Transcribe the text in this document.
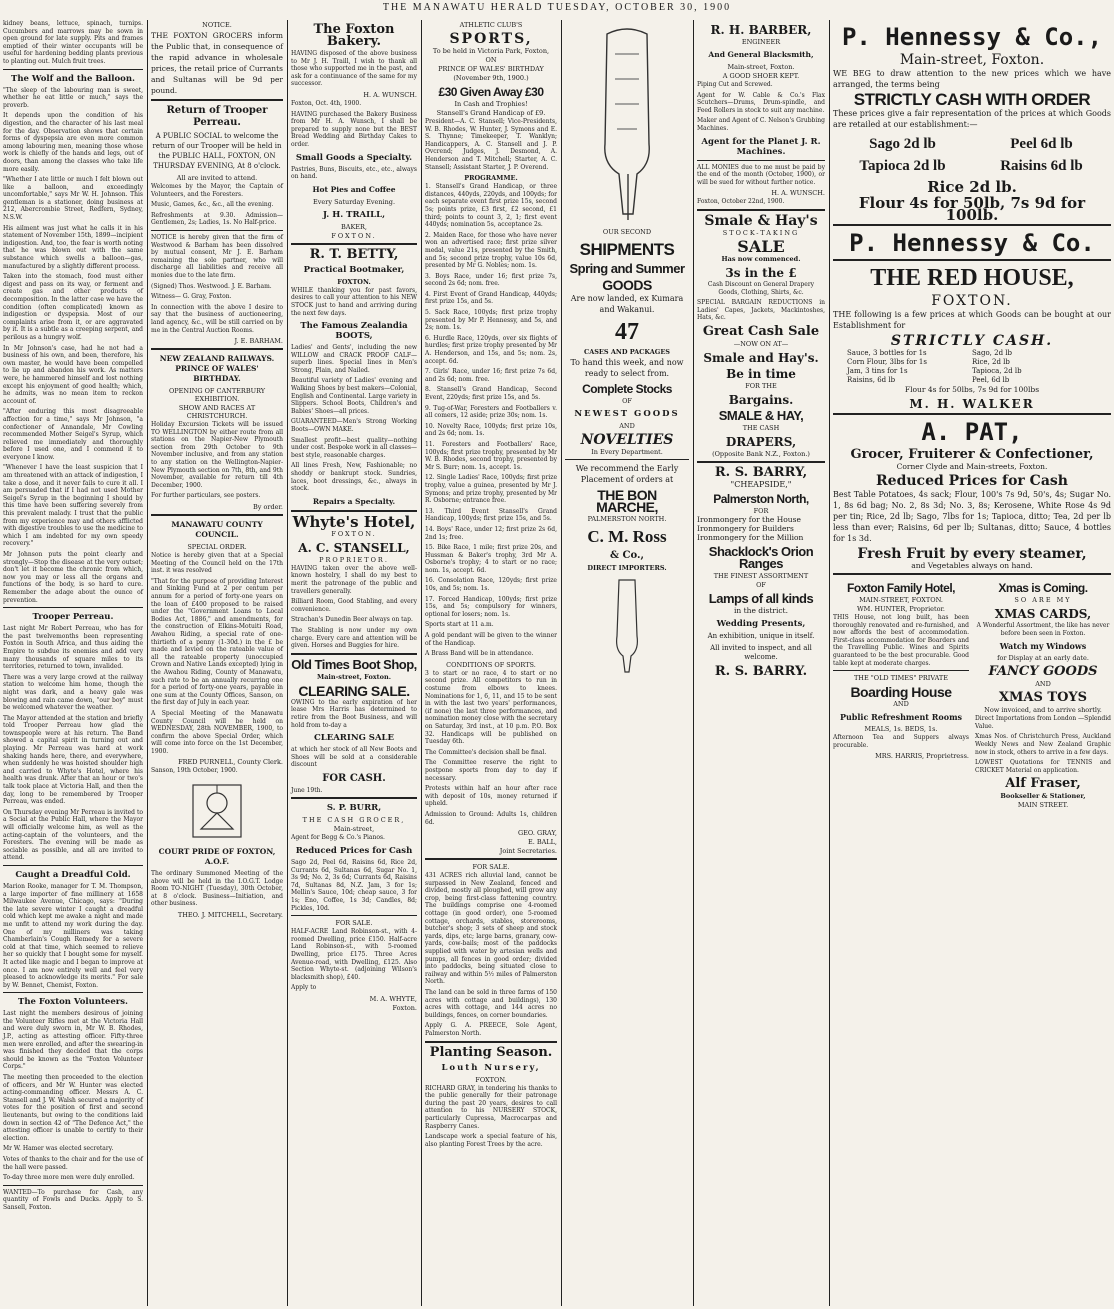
THE MANAWATU HERALD TUESDAY, OCTOBER 30, 1900

kidney beans, lettuce, spinach, turnips. Cucumbers and marrows may be sown in open ground for late supply. Pits and frames emptied of their winter occupants will be useful for hardening bedding plants previous to planting out. Mulch fruit trees.

The Wolf and the Balloon.

"The sleep of the labouring man is sweet, whether he eat little or much," says the proverb.

It depends upon the condition of his digestion, and the character of his last meal for the day. Observation shows that certain forms of dyspepsia are even more common among labouring men, meaning those whose work is chiefly of the hands and legs, out of doors, than among the classes who take life more easily.

"Whether I ate little or much I felt blown out like a balloon, and exceedingly uncomfortable," says Mr W. H. Johnson. This gentleman is a stationer, doing business at 212, Abercrombie Street, Redfern, Sydney, N.S.W.

His ailment was just what he calls it in his statement of November 15th, 1899—incipient indigestion. And, too, the fear is worth noting that he was blown out with the same substance which swells a balloon—gas, manufactured by a slightly different process.

Taken into the stomach, food must either digest and pass on its way, or ferment and create gas and other products of decomposition. In the latter case we have the condition (often complicated) known as indigestion or dyspepsia. Most of our complaints arise from it, or are aggravated by it. It is a subtle as a creeping serpent, and perilous as a hungry wolf.

In Mr Johnson's case, had he not had a business of his own, and been, therefore, his own master, he would have been compelled to lie up and abandon his work. As matters were, he hammered himself and lost nothing except his enjoyment of good health; which, he admits, was no mean item to reckon account of.

"After enduring this most disagreeable affection for a time," says Mr Johnson, "a confectioner of Annandale, Mr Cowling recommended Mother Seigel's Syrup, which relieved me immediately and thoroughly before I used one, and I commend it to everyone I know.

"Whenever I have the least suspicion that I am threatened with an attack of indigestion, I take a dose, and it never fails to cure it all. I am persuaded that if I had not used Mother Seigel's Syrup in the beginning I should by this time have been suffering severely from this prevalent malady. I trust that the public from my experience may and others afflicted with digestive troubles to use the medicine to which I am indebted for my own speedy recovery."

Mr Johnson puts the point clearly and strongly—Stop the disease at the very outset; don't let it become the chronic from which, now you may or less all the organs and functions of the body, is so hard to cure. Remember the adage about the ounce of prevention.

Trooper Perreau.

Last night Mr Robert Perreau, who has for the past twelvemonths been representing Foxton in South Africa, and thus aiding the Empire to subdue its enemies and add very many thousands of square miles to its territories, returned to town, invalided.

There was a very large crowd at the railway station to welcome him home, though the night was dark, and a heavy gale was blowing and rain came down, "our boy" must be welcomed whatever the weather.

The Mayor attended at the station and briefly told Trooper Perreau how glad the townspeople were at his return. The Band showed a capital spirit in turning out and playing. Mr Perreau was hard at work shaking hands here, there, and everywhere, when suddenly he was hoisted shoulder high and carried to Whyte's Hotel, where his health was drunk. After that an hour or two's talk took place at Victoria Hall, and then the day, long to be remembered by Trooper Perreau, was ended.

On Thursday evening Mr Perreau is invited to a Social at the Public Hall, where the Mayor will officially welcome him, as well as the acting-captain of the volunteers, and the Foresters. The evening will be made as sociable as possible, and all are invited to attend.

Caught a Dreadful Cold.

Marion Rooke, manager for T. M. Thompson, a large importer of fine millinery at 1658 Milwaukee Avenue, Chicago, says: "During the late severe winter I caught a dreadful cold which kept me awake a night and made me unfit to attend my work during the day. One of my milliners was taking Chamberlain's Cough Remedy for a severe cold at that time, which seemed to relieve her so quickly that I bought some for myself. It acted like magic and I began to improve at once. I am now entirely well and feel very pleased to acknowledge its merits." For sale by W. Bennet, Chemist, Foxton.

The Foxton Volunteers.

Last night the members desirous of joining the Volunteer Rifles met at the Victoria Hall and were duly sworn in, Mr W. B. Rhodes, J.P., acting as attesting officer. Fifty-three men were enrolled, and after the swearing-in was finished they decided that the corps should be known as the "Foxton Volunteer Corps."

The meeting then proceeded to the election of officers, and Mr W. Hunter was elected acting-commanding officer. Messrs A. C. Stansell and J. W. Walsh secured a majority of votes for the position of first and second lieutenants, but owing to the conditions laid down in section 42 of "The Defence Act," the attesting officer is unable to certify to their election.

Mr W. Hamer was elected secretary.

Votes of thanks to the chair and for the use of the hall were passed.

To-day three more men were duly enrolled.

WANTED—To purchase for Cash, any quantity of Fowls and Ducks. Apply to S. Sansell, Foxton.

NOTICE.

THE FOXTON GROCERS inform the Public that, in consequence of the rapid advance in wholesale prices, the retail price of Currants and Sultanas will be 9d per pound.

Return of Trooper Perreau.

A PUBLIC SOCIAL to welcome the return of our Trooper will be held in the PUBLIC HALL, FOXTON, ON THURSDAY EVENING, At 8 o'clock.

All are invited to attend.

Welcomes by the Mayor, the Captain of Volunteers, and the Foresters.

Music, Games, &c., &c., all the evening.

Refreshments at 9.30. Admission—Gentlemen, 2s; Ladies, 1s. No Half-price.

NOTICE is hereby given that the firm of Westwood & Barham has been dissolved by mutual consent, Mr J. E. Barham remaining the sole partner, who will discharge all liabilities and receive all monies due to the late firm.

(Signed) Thos. Westwood. J. E. Barham.

Witness— G. Gray, Foxton.

In connection with the above I desire to say that the business of auctioneering, land agency, &c., will be still carried on by me in the Central Auction Rooms.

J. E. BARHAM.
NEW ZEALAND RAILWAYS. PRINCE OF WALES' BIRTHDAY.
OPENING OF CANTERBURY EXHIBITION.
SHOW AND RACES AT CHRISTCHURCH.

Holiday Excursion Tickets will be issued TO WELLINGTON by either route from all stations on the Napier-New Plymouth section from 29th October to 9th November inclusive, and from any station to any station on the Wellington-Napier-New Plymouth section on 7th, 8th, and 9th November, available for return till 4th December, 1900.

For further particulars, see posters.

By order.
MANAWATU COUNTY COUNCIL.
SPECIAL ORDER.

Notice is hereby given that at a Special Meeting of the Council held on the 17th inst. it was resolved

"That for the purpose of providing Interest and Sinking Fund at 2 per centum per annum for a period of forty-one years on the loan of £400 proposed to be raised under the "Government Loans to Local Bodies Act, 1886," and amendments, for the construction of Elkins-Motuiti Road, Awahou Riding, a special rate of one-thirtieth of a penny (1-30d.) in the £ be made and levied on the rateable value of all the rateable property (unoccupied Crown and Native Lands excepted) lying in the Awahou Riding, County of Manawatu, such rate to be an annually recurring one for a period of forty-one years, payable in one sum at the County Offices, Sanson, on the first day of July in each year.

A Special Meeting of the Manawatu County Council will be held on WEDNESDAY, 28th NOVEMBER, 1900, to confirm the above Special Order, which will come into force on the 1st December, 1900.

FRED PURNELL, County Clerk.

Sanson, 19th October, 1900.

COURT PRIDE OF FOXTON, A.O.F.

The ordinary Summoned Meeting of the above will be held in the I.O.G.T. Lodge Room TO-NIGHT (Tuesday), 30th October, at 8 o'clock. Business—Initiation, and other business.

THEO. J. MITCHELL, Secretary.
The Foxton Bakery.

HAVING disposed of the above business to Mr J. H. Traill, I wish to thank all those who supported me in the past, and ask for a continuance of the same for my successor.

H. A. WUNSCH.

Foxton, Oct. 4th, 1900.

HAVING purchased the Bakery Business from Mr H. A. Wunsch, I shall be prepared to supply none but the BEST Bread Wedding and Birthday Cakes to order.

Small Goods a Specialty.

Pastries, Buns, Biscuits, etc., etc., always on hand.

Hot Pies and Coffee
Every Saturday Evening.
J. H. TRAILL,
BAKER,
FOXTON.
R. T. BETTY,
Practical Bootmaker,
FOXTON.

WHILE thanking you for past favors, desires to call your attention to his NEW STOCK just to hand and arriving during the next few days.

The Famous Zealandia BOOTS,

Ladies' and Gents', including the new WILLOW and CRACK PROOF CALF—superb lines. Special lines in Men's Strong, Plain, and Nailed.

Beautiful variety of Ladies' evening and Walking Shoes by best makers—Colonial, English and Continental. Large variety in Slippers. School Boots, Children's and Babies' Shoes—all prices.

GUARANTEED—Men's Strong Working Boots—OWN MAKE.

Smallest profit—best quality—nothing under cost. Bespoke work in all classes—best style, reasonable charges.

All lines Fresh, New, Fashionable; no shoddy or bankrupt stock. Sundries, laces, boot dressings, &c., always in stock.

Repairs a Specialty.
Whyte's Hotel,
FOXTON.
A. C. STANSELL,
PROPRIETOR.

HAVING taken over the above well-known hostelry, I shall do my best to merit the patronage of the public and travellers generally.

Billiard Room, Good Stabling, and every convenience.

Strachan's Dunedin Beer always on tap.

The Stabling is now under my own charge. Every care and attention will be given. Horses and Buggies for hire.

Old Times Boot Shop,
Main-street, Foxton.
CLEARING SALE.

OWING to the early expiration of her lease Mrs Harris has determined to retire from the Boot Business, and will hold from to-day a

CLEARING SALE

at which her stock of all New Boots and Shoes will be sold at a considerable discount

FOR CASH.

June 19th.

S. P. BURR,
THE CASH GROCER,
Main-street,

Agent for Begg & Co.'s Pianos.

Reduced Prices for Cash

Sago 2d, Peel 6d, Raisins 6d, Rice 2d, Currants 6d, Sultanas 6d, Sugar No. 1, 3s 9d; No. 2, 3s 6d; Currants 6d, Raisins 7d, Sultanas 8d, N.Z. Jam, 3 for 1s; Mellin's Sauce, 10d; cheap sauce, 3 for 1s; Eno, Coffee, 1s 3d; Candles, 8d; Pickles, 10d.

FOR SALE.

HALF-ACRE Land Robinson-st., with 4-roomed Dwelling, price £150. Half-acre Land Robinson-st., with 5-roomed Dwelling, price £175. Three Acres Avenue-road, with Dwelling, £125. Also Section Whyte-st. (adjoining Wilson's blacksmith shop), £40.

Apply to

M. A. WHYTE,
Foxton.
ATHLETIC CLUB'S
SPORTS,
To be held in Victoria Park, Foxton,
ON
PRINCE OF WALES' BIRTHDAY
(November 9th, 1900.)
£30 Given Away £30
In Cash and Trophies!
Stansell's Grand Handicap of £9.

President—A. C. Stansell; Vice-Presidents, W. B. Rhodes, W. Hunter, J. Symons and E. S. Thynne; Timekeeper, T. Wanklyn; Handicappers, A. C. Stansell and J. P. Ovcrend; Judges, J. Desmond, A. Henderson and T. Mitchell; Starter, A. C. Stansell; Assistant Starter, J. P. Overend.

PROGRAMME.

1. Stansell's Grand Handicap, or three distances, 440yds, 220yds, and 100yds; for each separate event first prize 15s, second 5s; points prize, £3 first, £2 second, £1 third; points to count 3, 2, 1; first event 440yds; nomination 5s, acceptance 2s.

2. Maiden Race, for those who have never won an advertised race; first prize silver medal, value 21s, presented by the Smith, and 5s; second prize trophy, value 10s 6d, presented by Mr G. Nobles; nom. 1s.

3. Boys Race, under 16; first prize 7s, second 2s 6d; nom. free.

4. First Event of Grand Handicap, 440yds; first prize 15s, and 5s.

5. Sack Race, 100yds; first prize trophy presented by Mr P. Hennessy, and 5s, and 2s; nom. 1s.

6. Hurdle Race, 120yds, over six flights of hurdles; first prize trophy presented by Mr A. Henderson, and 15s, and 5s; nom. 2s, accept. 6d.

7. Girls' Race, under 16; first prize 7s 6d, and 2s 6d; nom. free.

8. Stansell's Grand Handicap, Second Event, 220yds; first prize 15s, and 5s.

9. Tug-of-War, Foresters and Footballers v. all comers, 12 aside; prize 30s; nom. 1s.

10. Novelty Race, 100yds; first prize 10s, and 2s 6d; nom. 1s.

11. Foresters and Footballers' Race, 100yds; first prize trophy, presented by Mr W. B. Rhodes, second trophy, presented by Mr S. Burr; nom. 1s, accept. 1s.

12. Single Ladies' Race, 100yds; first prize trophy, value a guinea, presented by Mr J. Symons; and prize trophy, presented by Mr R. Osborne; entrance free.

13. Third Event Stansell's Grand Handicap, 100yds; first prize 15s, and 5s.

14. Boys' Race, under 12; first prize 2s 6d, 2nd 1s; free.

15. Bike Race, 1 mile; first prize 20s, and Hussman & Baker's trophy, 3rd Mr A. Osborne's trophy; 4 to start or no race; nom. 1s, accept. 6d.

16. Consolation Race, 120yds; first prize 10s, and 5s; nom. 1s.

17. Forced Handicap, 100yds; first prize 15s, and 5s; compulsory for winners, optional for losers; nom. 1s.

Sports start at 11 a.m.

A gold pendant will be given to the winner of the Handicap.

A Brass Band will be in attendance.

CONDITIONS OF SPORTS.

3 to start or no race, 4 to start or no second prize. All competitors to run in costume from elbows to knees. Nominations for 1, 6, 11, and 15 to be sent in with the last two years' performances, (if none) the last three performances, and nomination money close with the secretary on Saturday, 3rd inst., at 10 p.m. P.O. Box 32. Handicaps will be published on Tuesday 6th.

The Committee's decision shall be final.

The Committee reserve the right to postpone sports from day to day if necessary.

Protests within half an hour after race with deposit of 10s, money returned if upheld.

Admission to Ground: Adults 1s, children 6d.

GEO. GRAY,
E. BALL,
Joint Secretaries.
FOR SALE.

431 ACRES rich alluvial land, cannot be surpassed in New Zealand, fenced and divided, mostly all ploughed, will grow any crop, being first-class fattening country. The buildings comprise one 4-roomed cottage (in good order), one 5-roomed cottage, orchards, stables, storerooms, butcher's shop; 3 sets of sheep and stock yards, dips, etc; large barns, granary, cow-yards, cow-bails; most of the paddocks supplied with water by artesian wells and pumps, all fences in good order; divided into paddocks, being situated close to railway and within 5½ miles of Palmerston North.

The land can be sold in three farms of 150 acres with cottage and buildings), 130 acres with cottage, and 144 acres no buildings, fences, on corner boundaries.

Apply G. A. PREECE, Sole Agent, Palmerston North.

Planting Season.
Louth Nursery,
FOXTON.

RICHARD GRAY, in tendering his thanks to the public generally for their patronage during the past 20 years, desires to call attention to his NURSERY STOCK, particularly Cupressa, Macrocarpas and Raspberry Canes.

Landscape work a special feature of his, also planting Forest Trees by the acre.

OUR SECOND
SHIPMENTS
Spring and Summer
GOODS

Are now landed, ex Kumara and Wakanui.

47
CASES AND PACKAGES

To hand this week, and now ready to select from.

Complete Stocks
OF
NEWEST GOODS
AND
NOVELTIES
In Every Department.

We recommend the Early Placement of orders at

THE BON MARCHE,
PALMERSTON NORTH.
C. M. Ross
& Co.,
DIRECT IMPORTERS.
R. H. BARBER,
ENGINEER
And General Blacksmith,
Main-street, Foxton.
A GOOD SHOER KEPT.

Piping Cut and Screwed.

Agent for W. Cable & Co.'s Flax Scutchers—Drums, Drum-spindle, and Feed Rollers in stock to suit any machine.

Maker and Agent of C. Nelson's Grubbing Machines.

Agent for the Planet J. R. Machines.

ALL MONIES due to me must be paid by the end of the month (October, 1900), or will be sued for without further notice.

H. A. WUNSCH.

Foxton, October 22nd, 1900.

Smale & Hay's
STOCK-TAKING
SALE
Has now commenced.
3s in the £

Cash Discount on General Drapery Goods, Clothing, Shirts, &c.

SPECIAL BARGAIN REDUCTIONS in Ladies' Capes, Jackets, Mackintoshes, Hats, &c.

Great Cash Sale
—NOW ON AT—
Smale and Hay's.
Be in time
FOR THE
Bargains.
SMALE & HAY,
THE CASH
DRAPERS,
(Opposite Bank N.Z., Foxton.)
R. S. BARRY,
"CHEAPSIDE,"
Palmerston North,
FOR
Ironmongery for the House
Ironmongery for Builders
Ironmongery for the Million
Shacklock's Orion Ranges
THE FINEST ASSORTMENT
OF
Lamps of all kinds
in the district.
Wedding Presents,

An exhibition, unique in itself.

All invited to inspect, and all welcome.

R. S. BARRY.
P. Hennessy & Co.,
Main-street, Foxton.

WE BEG to draw attention to the new prices which we have arranged, the terms being

STRICTLY CASH WITH ORDER

These prices give a fair representation of the prices at which Goods are retailed at our establishment:—

Sago 2d lb	Peel 6d lb
Tapioca 2d lb	Raisins 6d lb
Rice 2d lb.
Flour 4s for 50lb, 7s 9d for 100lb.
P. Hennessy & Co.
THE RED HOUSE,
FOXTON.

THE following is a few prices at which Goods can be bought at our Establishment for

STRICTLY CASH.
Sauce, 3 bottles for 1s	Sago, 2d lb
Corn Flour, 3lbs for 1s	Rice, 2d lb
Jam, 3 tins for 1s	Tapioca, 2d lb
Raisins, 6d lb	Peel, 6d lb
Flour 4s for 50lbs, 7s 9d for 100lbs
M. H. WALKER
A. PAT,
Grocer, Fruiterer & Confectioner,
Corner Clyde and Main-streets, Foxton.
Reduced Prices for Cash

Best Table Potatoes, 4s sack; Flour, 100's 7s 9d, 50's, 4s; Sugar No. 1, 8s 6d bag; No. 2, 8s 3d; No. 3, 8s; Kerosene, White Rose 4s 9d per tin; Rice, 2d lb; Sago, 7lbs for 1s; Tapioca, ditto; Tea, 2d per lb less than ever; Raisins, 6d per lb; Sultanas, ditto; Sauce, 4 bottles for 1s 3d.

Fresh Fruit by every steamer,
and Vegetables always on hand.
Foxton Family Hotel,
MAIN-STREET, FOXTON.
WM. HUNTER, Proprietor.

THIS House, not long built, has been thoroughly renovated and re-furnished, and now affords the best of accommodation. First-class accommodation for Boarders and the Travelling Public. Wines and Spirits guaranteed to be the best procurable. Good table kept at moderate charges.

THE "OLD TIMES" PRIVATE
Boarding House
AND
Public Refreshment Rooms
MEALS, 1s. BEDS, 1s.

Afternoon Tea and Suppers always procurable.

MRS. HARRIS, Proprietress.
Xmas is Coming.
SO ARE MY
XMAS CARDS,

A Wonderful Assortment, the like has never before been seen in Foxton.

Watch my Windows
for Display at an early date.
FANCY GOODS
AND
XMAS TOYS
Now invoiced, and to arrive shortly.

Direct Importations from London —Splendid Value.

Xmas Nos. of Christchurch Press, Auckland Weekly News and New Zealand Graphic now in stock, others to arrive in a few days.

LOWEST Quotations for TENNIS and CRICKET Material on application.

Alf Fraser,
Bookseller & Stationer,
MAIN STREET.
